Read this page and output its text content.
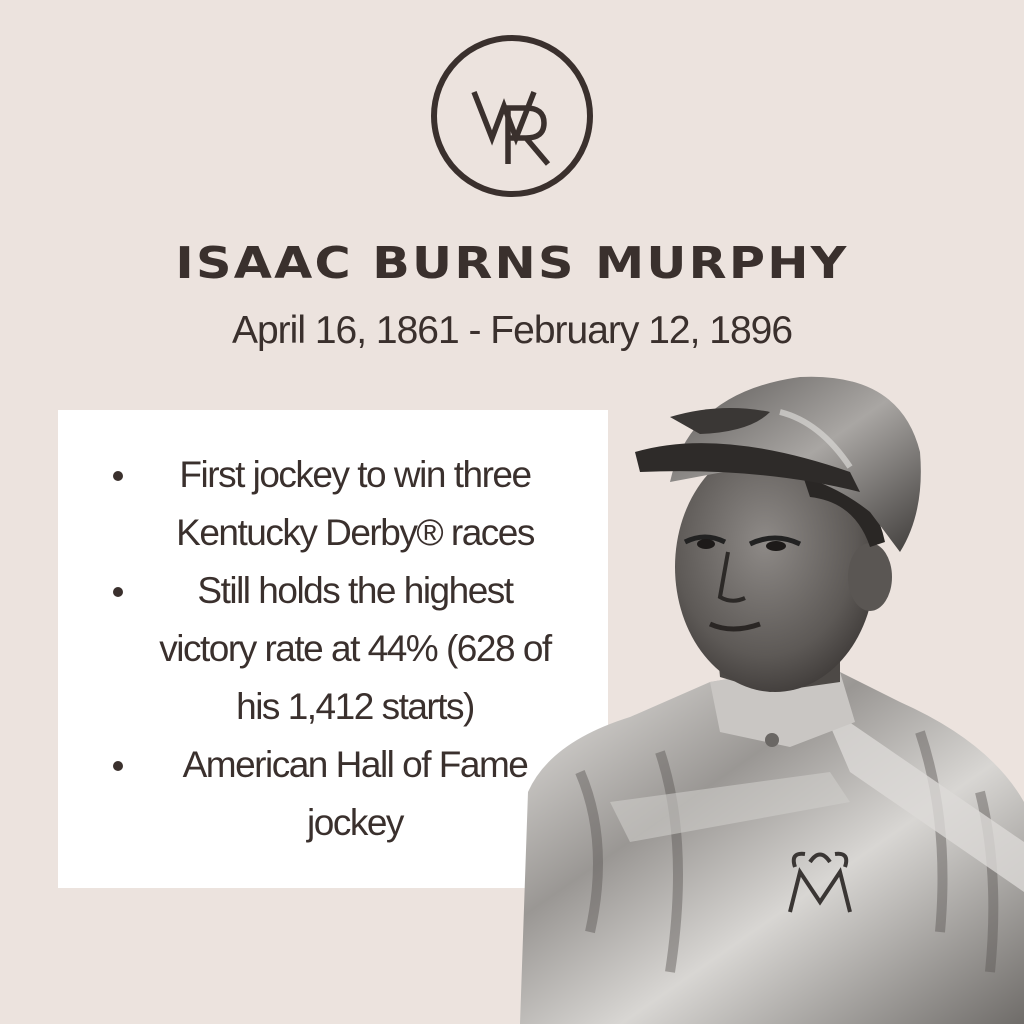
ISAAC BURNS MURPHY
April 16, 1861 - February 12, 1896
First jockey to win three Kentucky Derby® races
Still holds the highest victory rate at 44% (628 of his 1,412 starts)
American Hall of Fame jockey
